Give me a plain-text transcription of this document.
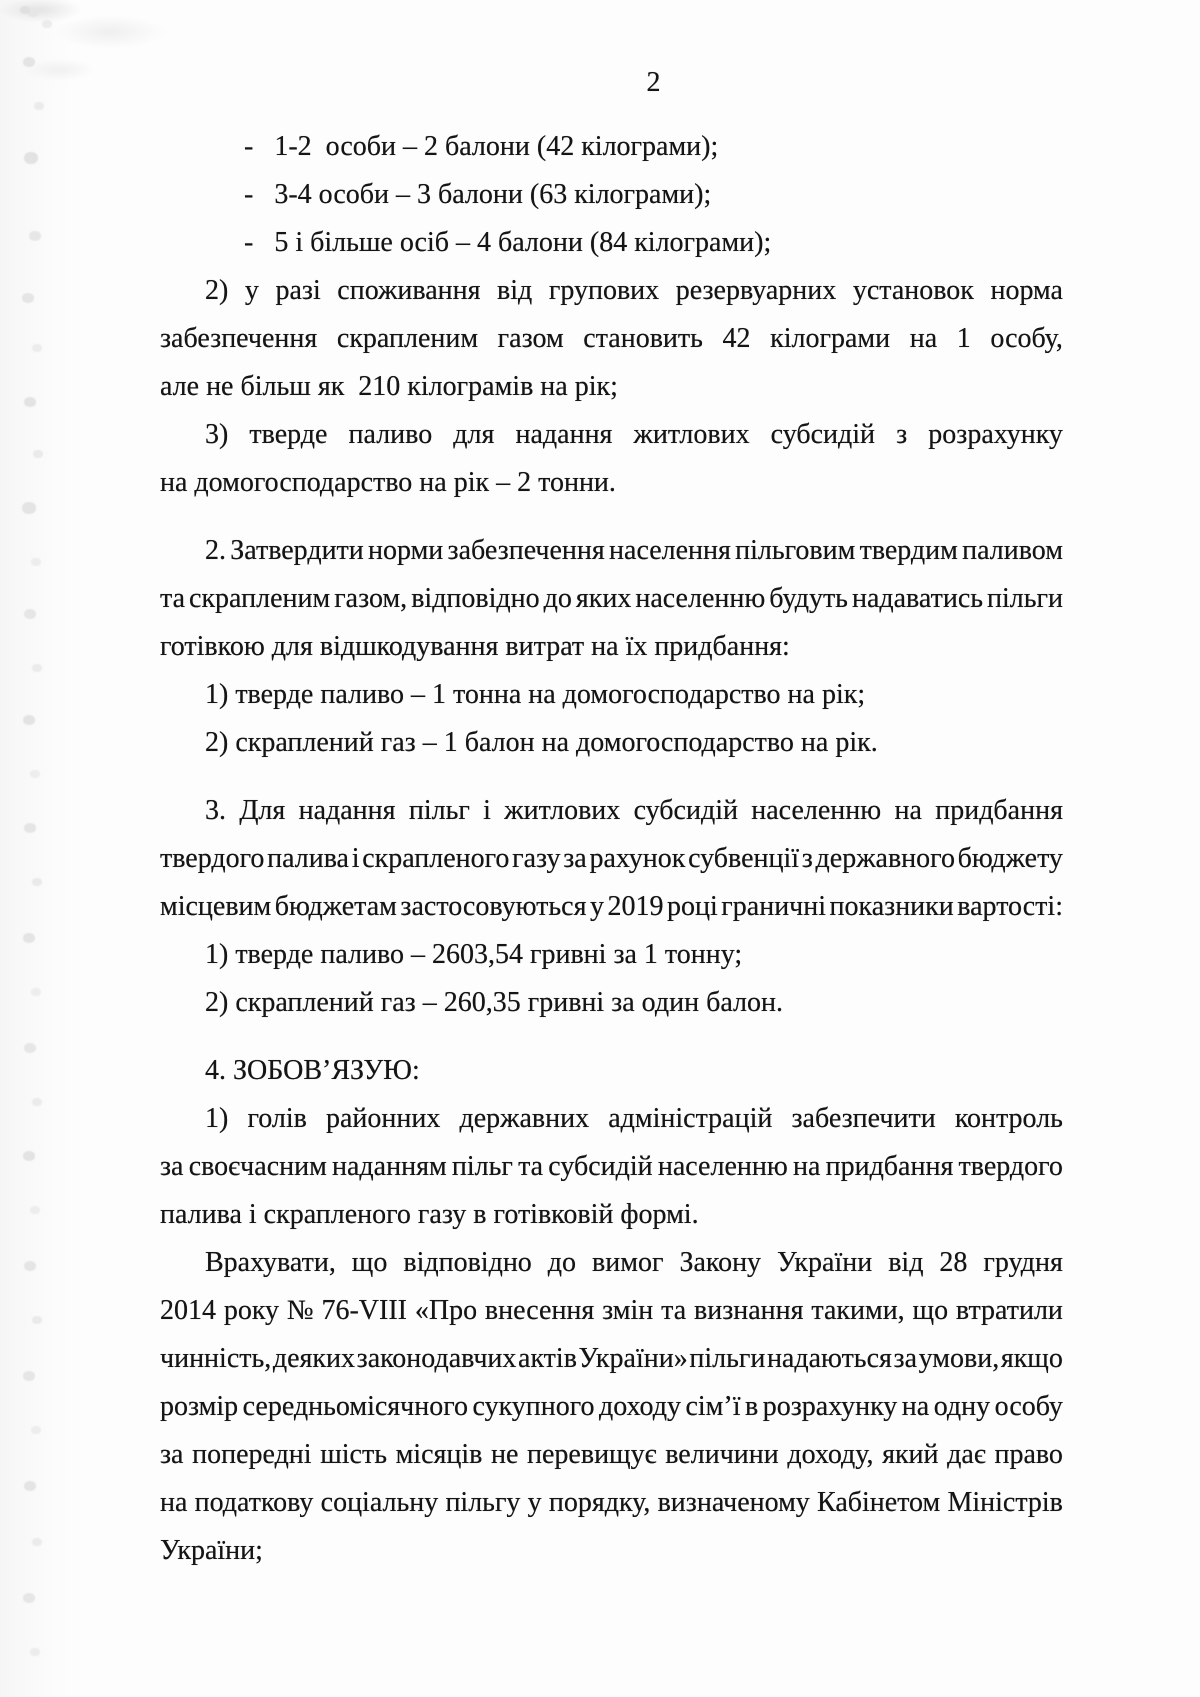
2
-   1-2  особи – 2 балони (42 кілограми);
-   3-4 особи – 3 балони (63 кілограми);
-   5 і більше осіб – 4 балони (84 кілограми);
2) у разі споживання від групових резервуарних установок норма
забезпечення скрапленим газом становить 42 кілограми на 1 особу,
але не більш як  210 кілограмів на рік;
3) тверде паливо для надання житлових субсидій з розрахунку
на домогосподарство на рік – 2 тонни.
2. Затвердити норми забезпечення населення пільговим твердим паливом
та скрапленим газом, відповідно до яких населенню будуть надаватись пільги
готівкою для відшкодування витрат на їх придбання:
1) тверде паливо – 1 тонна на домогосподарство на рік;
2) скраплений газ – 1 балон на домогосподарство на рік.
3. Для надання пільг і житлових субсидій населенню на придбання
твердого палива і скрапленого газу за рахунок субвенції з державного бюджету
місцевим бюджетам застосовуються у 2019 році граничні показники вартості:
1) тверде паливо – 2603,54 гривні за 1 тонну;
2) скраплений газ – 260,35 гривні за один балон.
4. ЗОБОВ’ЯЗУЮ:
1) голів районних державних адміністрацій забезпечити контроль
за своєчасним наданням пільг та субсидій населенню на придбання твердого
палива і скрапленого газу в готівковій формі.
Врахувати, що відповідно до вимог Закону України від 28 грудня
2014 року № 76-VIII «Про внесення змін та визнання такими, що втратили
чинність, деяких законодавчих актів України» пільги надаються за умови, якщо
розмір середньомісячного сукупного доходу сім’ї в розрахунку на одну особу
за попередні шість місяців не перевищує величини доходу, який дає право
на податкову соціальну пільгу у порядку, визначеному Кабінетом Міністрів
України;
